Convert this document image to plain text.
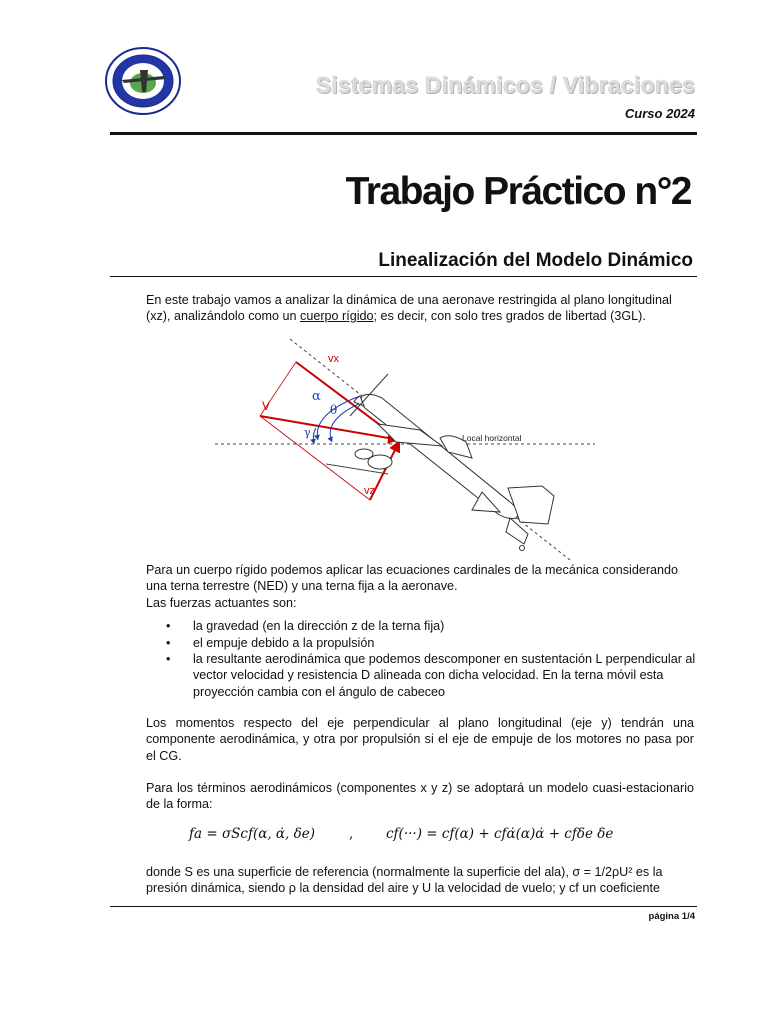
Sistemas Dinámicos / Vibraciones
Curso 2024
Trabajo Práctico n°2
Linealización del Modelo Dinámico

En este trabajo vamos a analizar la dinámica de una aeronave restringida al plano longitudinal
(xz), analizándolo como un cuerpo rígido; es decir, con solo tres grados de libertad (3GL).

vx
V
vz
α
θ
γ	Local horizontal

Para un cuerpo rígido podemos aplicar las ecuaciones cardinales de la mecánica considerando
una terna terrestre (NED) y una terna fija a la aeronave.
Las fuerzas actuantes son:

• la gravedad (en la dirección z de la terna fija)
• el empuje debido a la propulsión
• la resultante aerodinámica que podemos descomponer en sustentación L perpendicular al vector velocidad y resistencia D alineada con dicha velocidad. En la terna móvil esta proyección cambia con el ángulo de cabeceo

Los momentos respecto del eje perpendicular al plano longitudinal (eje y) tendrán una componente aerodinámica, y otra por propulsión si el eje de empuje de los motores no pasa por el CG.

Para los términos aerodinámicos (componentes x y z) se adoptará un modelo cuasi-estacionario de la forma:

fa = σScf(α, α̇, δe)	, cf(···) = cf(α) + cfα̇(α)α̇ + cfδe δe

donde S es una superficie de referencia (normalmente la superficie del ala), σ = 1/2ρU² es la
presión dinámica, siendo ρ la densidad del aire y U la velocidad de vuelo; y cf un coeficiente

página 1/4
